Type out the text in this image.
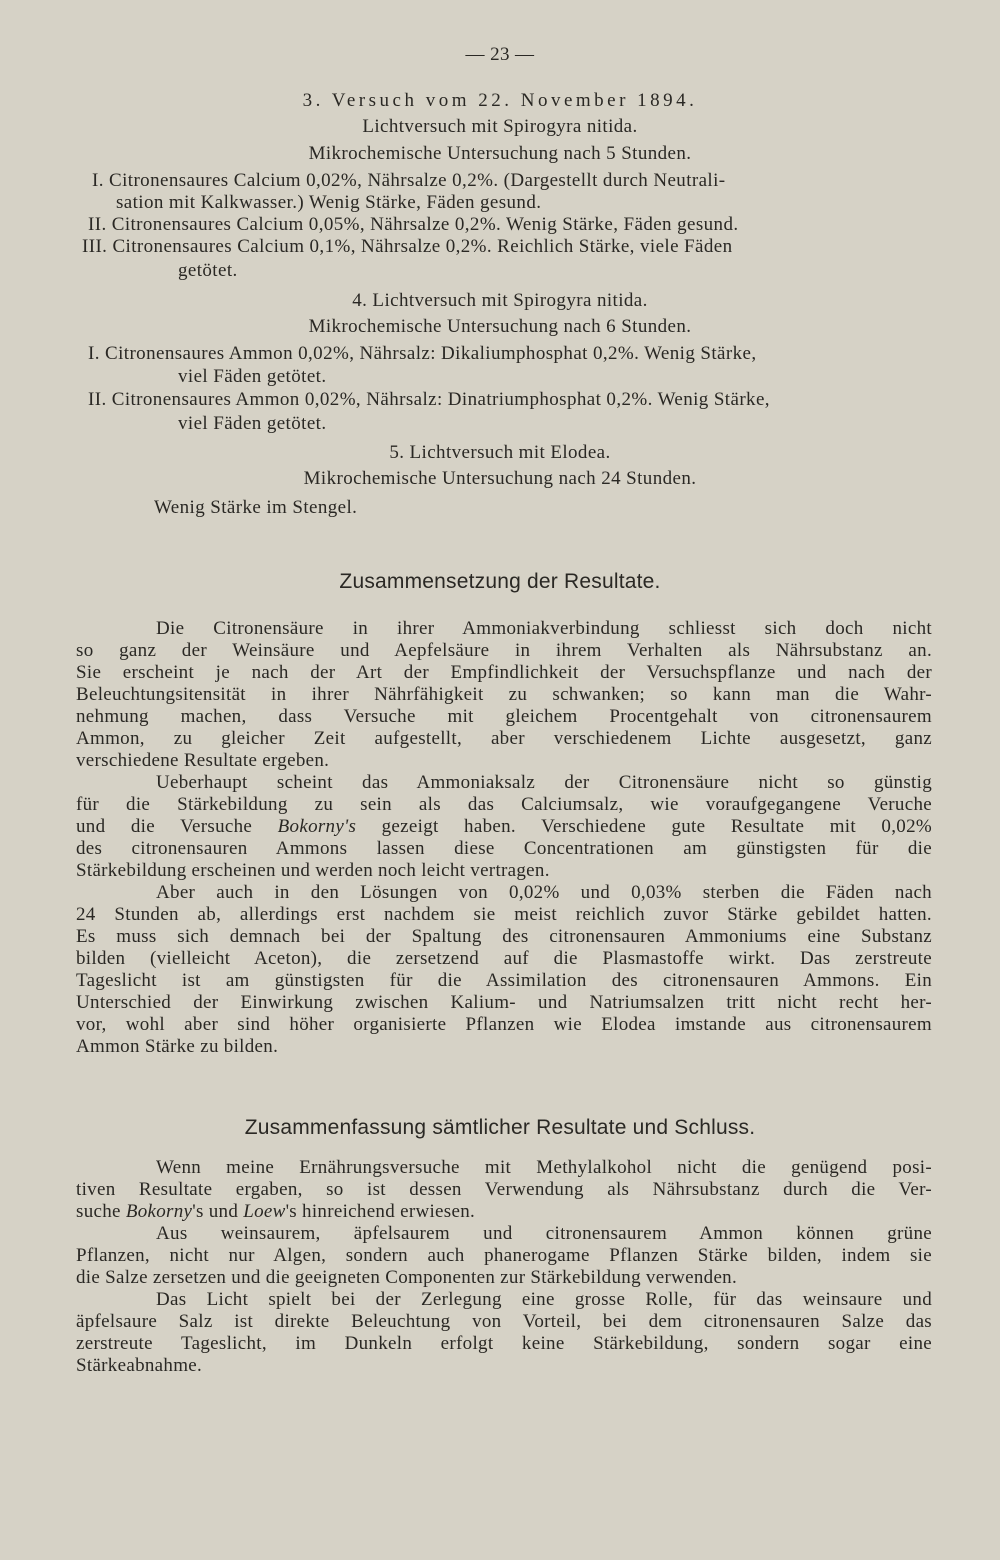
— 23 —
3. Versuch vom 22. November 1894.
Lichtversuch mit Spirogyra nitida.
Mikrochemische Untersuchung nach 5 Stunden.
I. Citronensaures Calcium 0,02%, Nährsalze 0,2%. (Dargestellt durch Neutrali-
sation mit Kalkwasser.) Wenig Stärke, Fäden gesund.
II. Citronensaures Calcium 0,05%, Nährsalze 0,2%. Wenig Stärke, Fäden gesund.
III. Citronensaures Calcium 0,1%, Nährsalze 0,2%. Reichlich Stärke, viele Fäden
getötet.
4. Lichtversuch mit Spirogyra nitida.
Mikrochemische Untersuchung nach 6 Stunden.
I. Citronensaures Ammon 0,02%, Nährsalz: Dikaliumphosphat 0,2%. Wenig Stärke,
viel Fäden getötet.
II. Citronensaures Ammon 0,02%, Nährsalz: Dinatriumphosphat 0,2%. Wenig Stärke,
viel Fäden getötet.
5. Lichtversuch mit Elodea.
Mikrochemische Untersuchung nach 24 Stunden.
Wenig Stärke im Stengel.
Zusammensetzung der Resultate.
Die Citronensäure in ihrer Ammoniakverbindung schliesst sich doch nicht
so ganz der Weinsäure und Aepfelsäure in ihrem Verhalten als Nährsubstanz an.
Sie erscheint je nach der Art der Empfindlichkeit der Versuchspflanze und nach der
Beleuchtungsitensität in ihrer Nährfähigkeit zu schwanken; so kann man die Wahr-
nehmung machen, dass Versuche mit gleichem Procentgehalt von citronensaurem
Ammon, zu gleicher Zeit aufgestellt, aber verschiedenem Lichte ausgesetzt, ganz
verschiedene Resultate ergeben.
Ueberhaupt scheint das Ammoniaksalz der Citronensäure nicht so günstig
für die Stärkebildung zu sein als das Calciumsalz, wie voraufgegangene Veruche
und die Versuche Bokorny's gezeigt haben. Verschiedene gute Resultate mit 0,02%
des citronensauren Ammons lassen diese Concentrationen am günstigsten für die
Stärkebildung erscheinen und werden noch leicht vertragen.
Aber auch in den Lösungen von 0,02% und 0,03% sterben die Fäden nach
24 Stunden ab, allerdings erst nachdem sie meist reichlich zuvor Stärke gebildet hatten.
Es muss sich demnach bei der Spaltung des citronensauren Ammoniums eine Substanz
bilden (vielleicht Aceton), die zersetzend auf die Plasmastoffe wirkt. Das zerstreute
Tageslicht ist am günstigsten für die Assimilation des citronensauren Ammons. Ein
Unterschied der Einwirkung zwischen Kalium- und Natriumsalzen tritt nicht recht her-
vor, wohl aber sind höher organisierte Pflanzen wie Elodea imstande aus citronensaurem
Ammon Stärke zu bilden.
Zusammenfassung sämtlicher Resultate und Schluss.
Wenn meine Ernährungsversuche mit Methylalkohol nicht die genügend posi-
tiven Resultate ergaben, so ist dessen Verwendung als Nährsubstanz durch die Ver-
suche Bokorny's und Loew's hinreichend erwiesen.
Aus weinsaurem, äpfelsaurem und citronensaurem Ammon können grüne
Pflanzen, nicht nur Algen, sondern auch phanerogame Pflanzen Stärke bilden, indem sie
die Salze zersetzen und die geeigneten Componenten zur Stärkebildung verwenden.
Das Licht spielt bei der Zerlegung eine grosse Rolle, für das weinsaure und
äpfelsaure Salz ist direkte Beleuchtung von Vorteil, bei dem citronensauren Salze das
zerstreute Tageslicht, im Dunkeln erfolgt keine Stärkebildung, sondern sogar eine
Stärkeabnahme.
